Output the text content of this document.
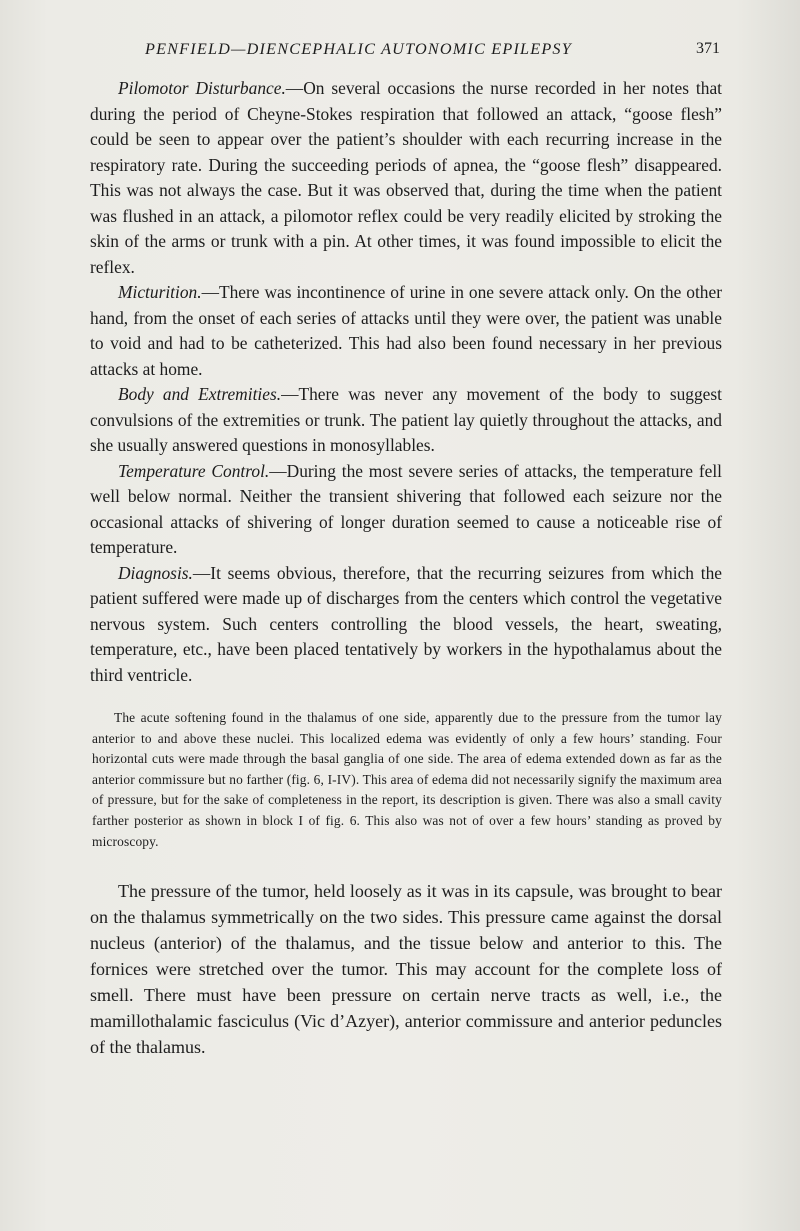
PENFIELD—DIENCEPHALIC AUTONOMIC EPILEPSY	371

Pilomotor Disturbance.—On several occasions the nurse recorded in her notes that during the period of Cheyne-Stokes respiration that followed an attack, “goose flesh” could be seen to appear over the patient’s shoulder with each recurring increase in the respiratory rate. During the succeeding periods of apnea, the “goose flesh” disappeared. This was not always the case. But it was observed that, during the time when the patient was flushed in an attack, a pilomotor reflex could be very readily elicited by stroking the skin of the arms or trunk with a pin. At other times, it was found impossible to elicit the reflex.

Micturition.—There was incontinence of urine in one severe attack only. On the other hand, from the onset of each series of attacks until they were over, the patient was unable to void and had to be catheterized. This had also been found necessary in her previous attacks at home.

Body and Extremities.—There was never any movement of the body to suggest convulsions of the extremities or trunk. The patient lay quietly throughout the attacks, and she usually answered questions in monosyllables.

Temperature Control.—During the most severe series of attacks, the temperature fell well below normal. Neither the transient shivering that followed each seizure nor the occasional attacks of shivering of longer duration seemed to cause a noticeable rise of temperature.

Diagnosis.—It seems obvious, therefore, that the recurring seizures from which the patient suffered were made up of discharges from the centers which control the vegetative nervous system. Such centers controlling the blood vessels, the heart, sweating, temperature, etc., have been placed tentatively by workers in the hypothalamus about the third ventricle.

The acute softening found in the thalamus of one side, apparently due to the pressure from the tumor lay anterior to and above these nuclei. This localized edema was evidently of only a few hours’ standing. Four horizontal cuts were made through the basal ganglia of one side. The area of edema extended down as far as the anterior commissure but no farther (fig. 6, I-IV). This area of edema did not necessarily signify the maximum area of pressure, but for the sake of completeness in the report, its description is given. There was also a small cavity farther posterior as shown in block I of fig. 6. This also was not of over a few hours’ standing as proved by microscopy.

The pressure of the tumor, held loosely as it was in its capsule, was brought to bear on the thalamus symmetrically on the two sides. This pressure came against the dorsal nucleus (anterior) of the thalamus, and the tissue below and anterior to this. The fornices were stretched over the tumor. This may account for the complete loss of smell. There must have been pressure on certain nerve tracts as well, i.e., the mamillothalamic fasciculus (Vic d’Azyer), anterior commissure and anterior peduncles of the thalamus.
